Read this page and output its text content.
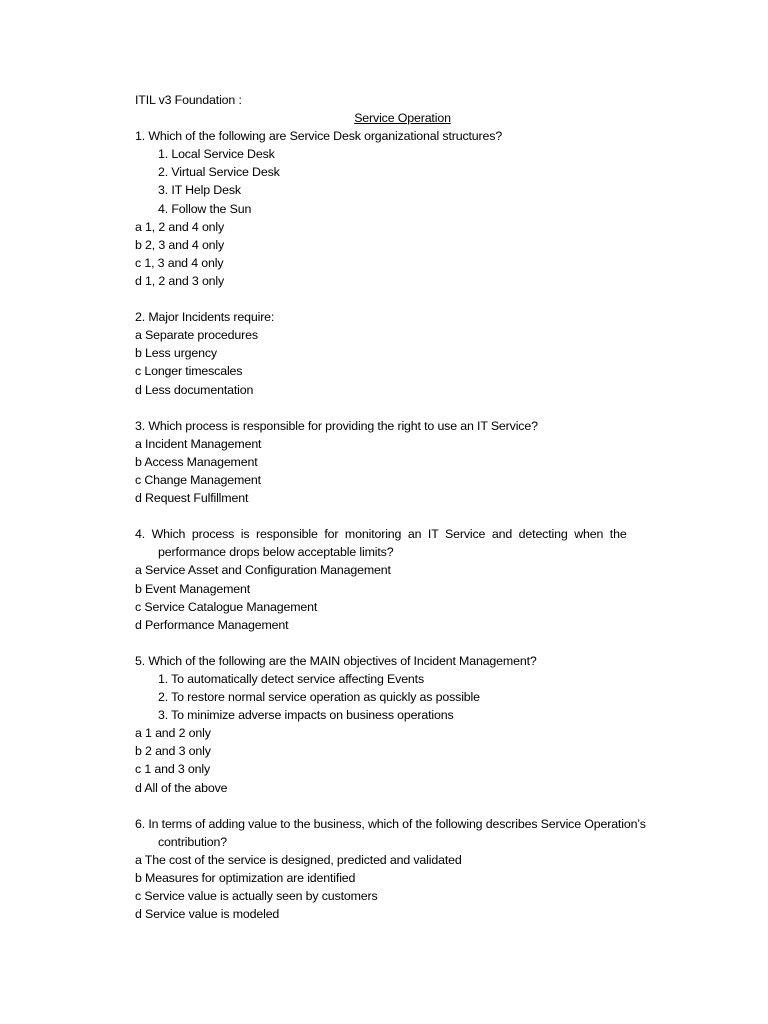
ITIL v3 Foundation :

Service Operation

1. Which of the following are Service Desk organizational structures?

1. Local Service Desk

2. Virtual Service Desk

3. IT Help Desk

4. Follow the Sun

a 1, 2 and 4 only

b 2, 3 and 4 only

c 1, 3 and 4 only

d 1, 2 and 3 only

2. Major Incidents require:

a Separate procedures

b Less urgency

c Longer timescales

d Less documentation

3. Which process is responsible for providing the right to use an IT Service?

a Incident Management

b Access Management

c Change Management

d Request Fulfillment

4.  Which  process  is  responsible  for  monitoring  an  IT  Service  and  detecting  when  the

performance drops below acceptable limits?

a Service Asset and Configuration Management

b Event Management

c Service Catalogue Management

d Performance Management

5. Which of the following are the MAIN objectives of Incident Management?

1. To automatically detect service affecting Events

2. To restore normal service operation as quickly as possible

3. To minimize adverse impacts on business operations

a 1 and 2 only

b 2 and 3 only

c 1 and 3 only

d All of the above

6. In terms of adding value to the business, which of the following describes Service Operation’s

contribution?

a The cost of the service is designed, predicted and validated

b Measures for optimization are identified

c Service value is actually seen by customers

d Service value is modeled
